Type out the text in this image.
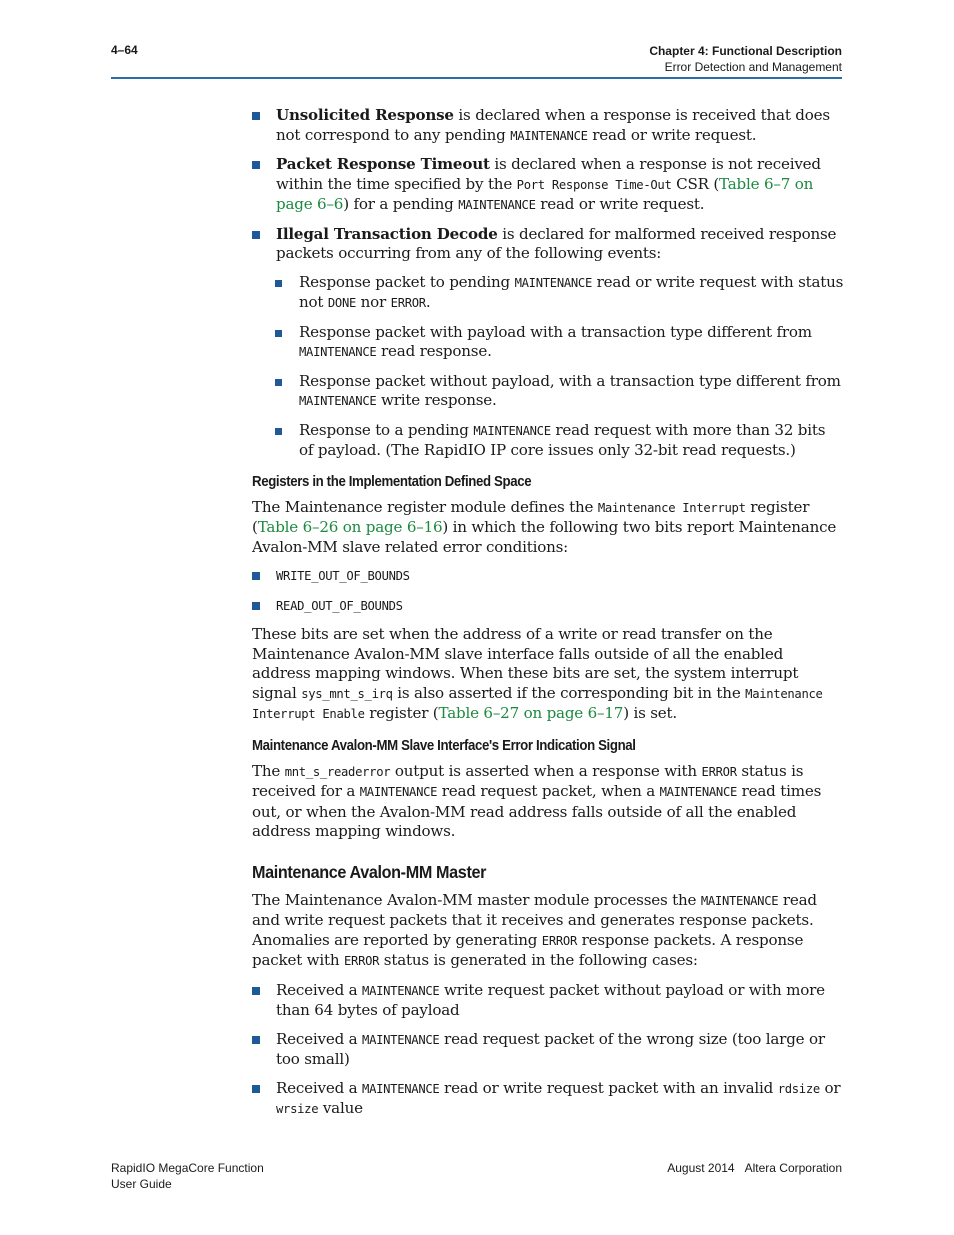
4–64	Chapter 4: Functional Description
Error Detection and Management
Unsolicited Response is declared when a response is received that does not correspond to any pending MAINTENANCE read or write request.
Packet Response Timeout is declared when a response is not received within the time specified by the Port Response Time-Out CSR (Table 6–7 on page 6–6) for a pending MAINTENANCE read or write request.
Illegal Transaction Decode is declared for malformed received response packets occurring from any of the following events:
Response packet to pending MAINTENANCE read or write request with status not DONE nor ERROR.
Response packet with payload with a transaction type different from MAINTENANCE read response.
Response packet without payload, with a transaction type different from MAINTENANCE write response.
Response to a pending MAINTENANCE read request with more than 32 bits of payload. (The RapidIO IP core issues only 32-bit read requests.)
Registers in the Implementation Defined Space

The Maintenance register module defines the Maintenance Interrupt register (Table 6–26 on page 6–16) in which the following two bits report Maintenance Avalon-MM slave related error conditions:

WRITE_OUT_OF_BOUNDS
READ_OUT_OF_BOUNDS

These bits are set when the address of a write or read transfer on the Maintenance Avalon-MM slave interface falls outside of all the enabled address mapping windows. When these bits are set, the system interrupt signal sys_mnt_s_irq is also asserted if the corresponding bit in the Maintenance Interrupt Enable register (Table 6–27 on page 6–17) is set.

Maintenance Avalon-MM Slave Interface's Error Indication Signal

The mnt_s_readerror output is asserted when a response with ERROR status is received for a MAINTENANCE read request packet, when a MAINTENANCE read times out, or when the Avalon-MM read address falls outside of all the enabled address mapping windows.

Maintenance Avalon-MM Master

The Maintenance Avalon-MM master module processes the MAINTENANCE read and write request packets that it receives and generates response packets. Anomalies are reported by generating ERROR response packets. A response packet with ERROR status is generated in the following cases:

Received a MAINTENANCE write request packet without payload or with more than 64 bytes of payload
Received a MAINTENANCE read request packet of the wrong size (too large or too small)
Received a MAINTENANCE read or write request packet with an invalid rdsize or wrsize value
RapidIO MegaCore Function
User Guide
August 2014 Altera Corporation
